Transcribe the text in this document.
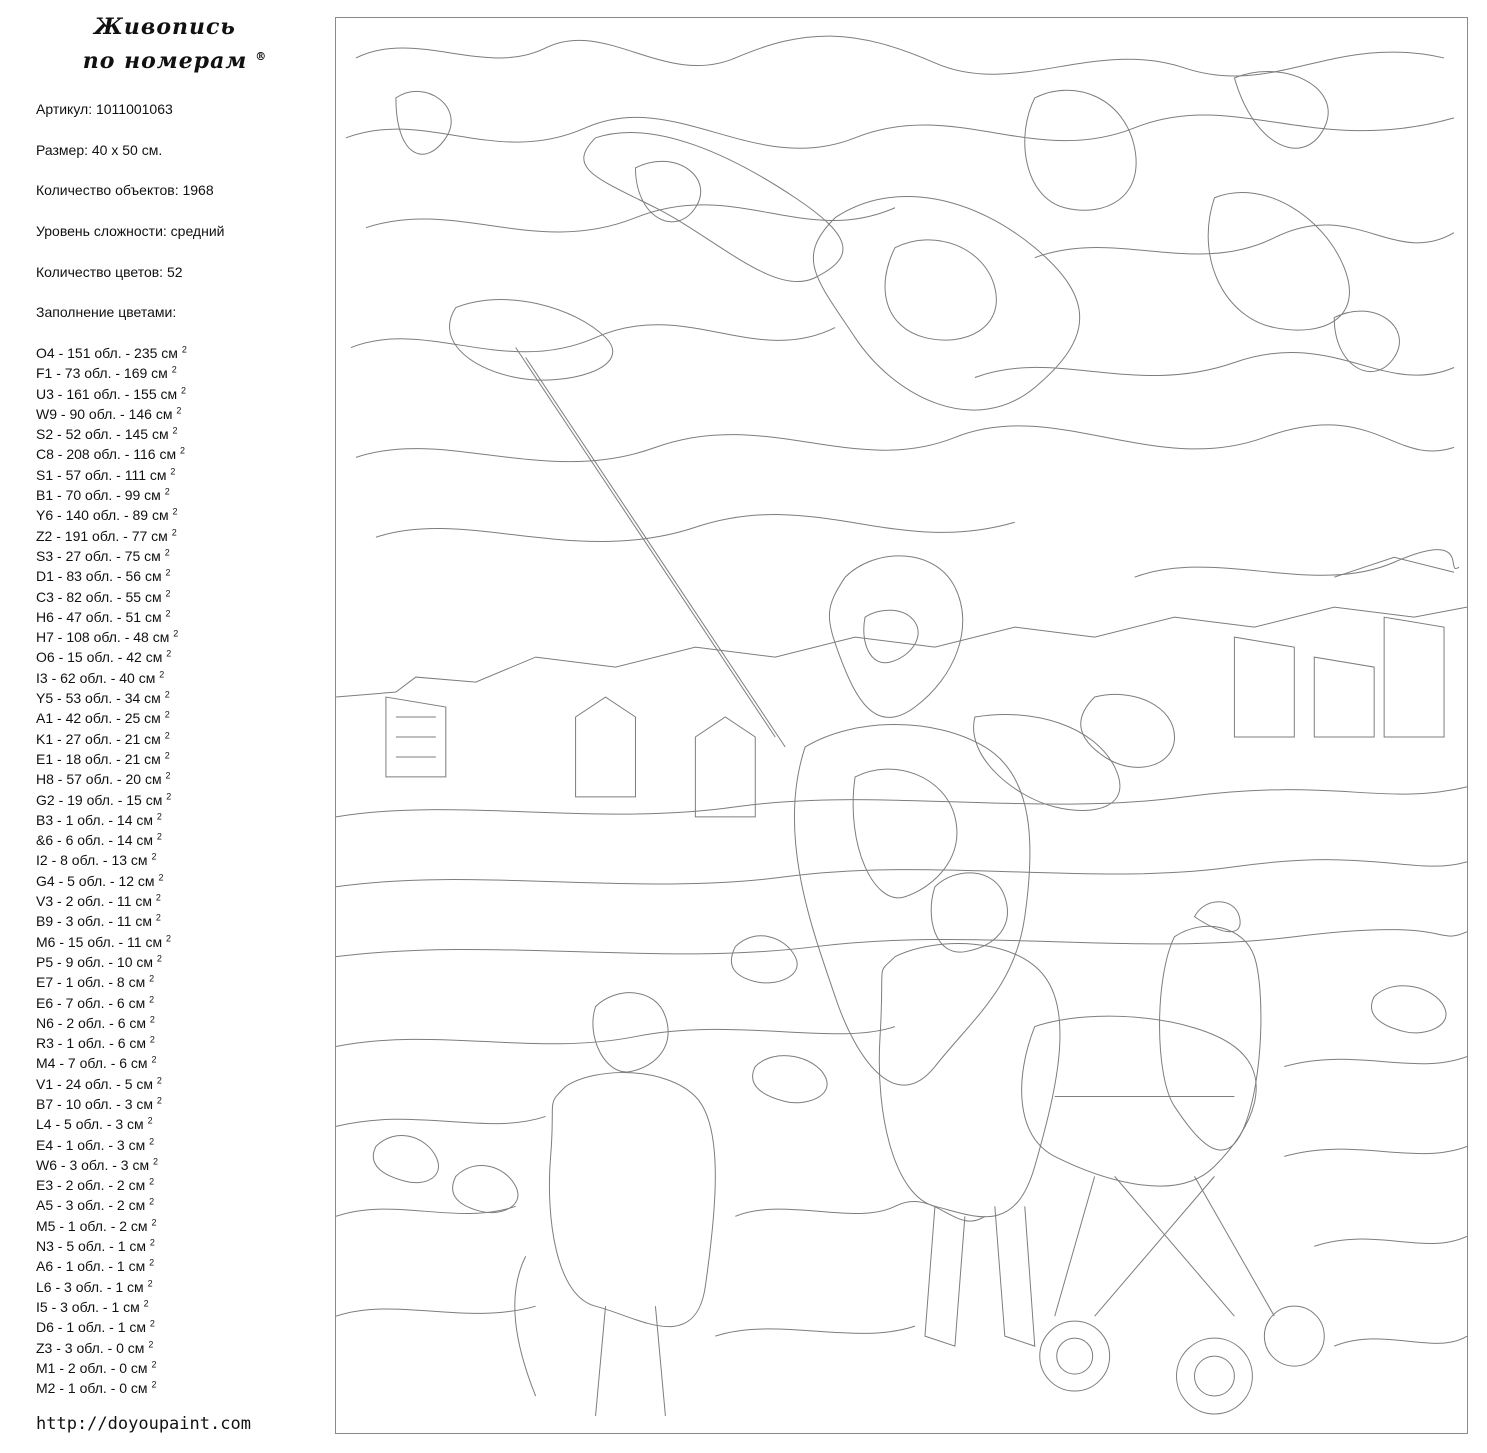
Живопись
по номерам ®
Артикул: 1011001063
Размер: 40 х 50 см.
Количество объектов: 1968
Уровень сложности: средний
Количество цветов: 52
Заполнение цветами:
O4 - 151 обл. - 235 см $^2$
F1 - 73 обл. - 169 см $^2$
U3 - 161 обл. - 155 см $^2$
W9 - 90 обл. - 146 см $^2$
S2 - 52 обл. - 145 см $^2$
C8 - 208 обл. - 116 см $^2$
S1 - 57 обл. - 111 см $^2$
B1 - 70 обл. - 99 см $^2$
Y6 - 140 обл. - 89 см $^2$
Z2 - 191 обл. - 77 см $^2$
S3 - 27 обл. - 75 см $^2$
D1 - 83 обл. - 56 см $^2$
C3 - 82 обл. - 55 см $^2$
H6 - 47 обл. - 51 см $^2$
H7 - 108 обл. - 48 см $^2$
O6 - 15 обл. - 42 см $^2$
I3 - 62 обл. - 40 см $^2$
Y5 - 53 обл. - 34 см $^2$
A1 - 42 обл. - 25 см $^2$
K1 - 27 обл. - 21 см $^2$
E1 - 18 обл. - 21 см $^2$
H8 - 57 обл. - 20 см $^2$
G2 - 19 обл. - 15 см $^2$
B3 - 1 обл. - 14 см $^2$
&6 - 6 обл. - 14 см $^2$
I2 - 8 обл. - 13 см $^2$
G4 - 5 обл. - 12 см $^2$
V3 - 2 обл. - 11 см $^2$
B9 - 3 обл. - 11 см $^2$
M6 - 15 обл. - 11 см $^2$
P5 - 9 обл. - 10 см $^2$
E7 - 1 обл. - 8 см $^2$
E6 - 7 обл. - 6 см $^2$
N6 - 2 обл. - 6 см $^2$
R3 - 1 обл. - 6 см $^2$
M4 - 7 обл. - 6 см $^2$
V1 - 24 обл. - 5 см $^2$
B7 - 10 обл. - 3 см $^2$
L4 - 5 обл. - 3 см $^2$
E4 - 1 обл. - 3 см $^2$
W6 - 3 обл. - 3 см $^2$
E3 - 2 обл. - 2 см $^2$
A5 - 3 обл. - 2 см $^2$
M5 - 1 обл. - 2 см $^2$
N3 - 5 обл. - 1 см $^2$
A6 - 1 обл. - 1 см $^2$
L6 - 3 обл. - 1 см $^2$
I5 - 3 обл. - 1 см $^2$
D6 - 1 обл. - 1 см $^2$
Z3 - 3 обл. - 0 см $^2$
M1 - 2 обл. - 0 см $^2$
M2 - 1 обл. - 0 см $^2$
http://doyoupaint.com
